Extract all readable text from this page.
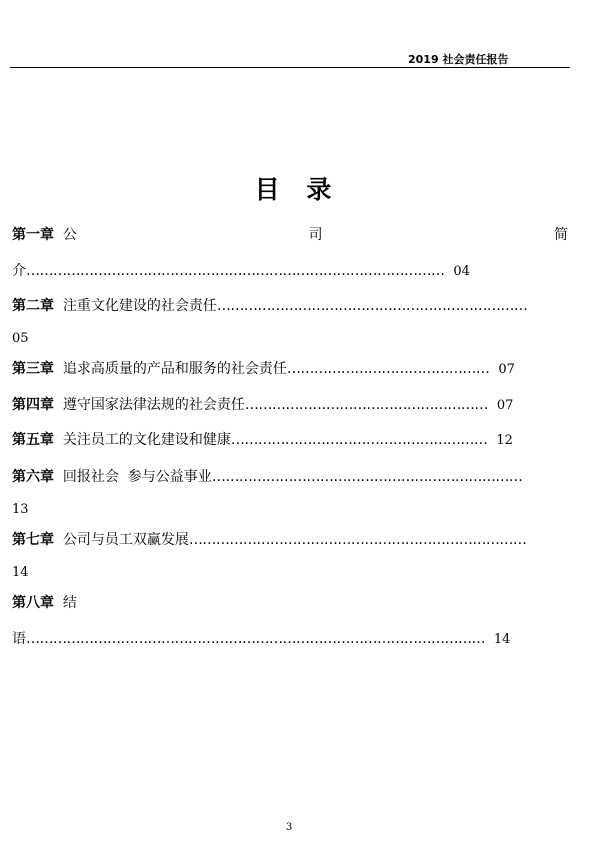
2019 社会责任报告
目 录
第一章 公	司	简
介………………………………………………………………………………… 04
第二章 注重文化建设的社会责任……………………………………………………………
05
第三章 追求高质量的产品和服务的社会责任……………………………………… 07
第四章 遵守国家法律法规的社会责任……………………………………………… 07
第五章 关注员工的文化建设和健康………………………………………………… 12
第六章 回报社会  参与公益事业……………………………………………………………
13
第七章 公司与员工双赢发展…………………………………………………………………
14
第八章 结
语………………………………………………………………………………………… 14
3
